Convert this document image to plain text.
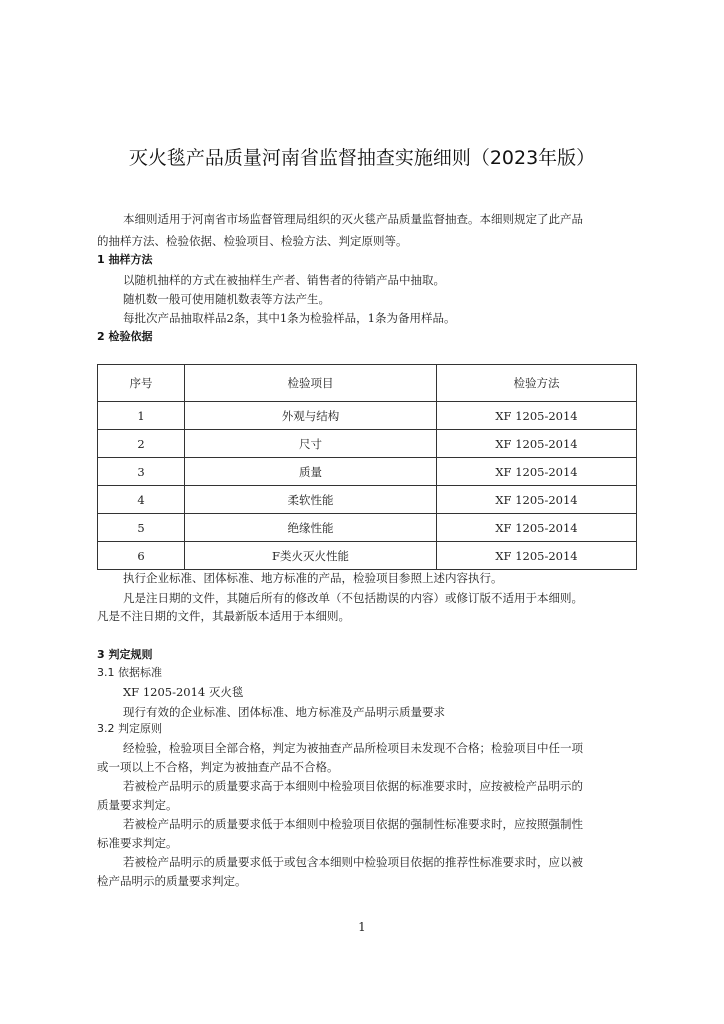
灭火毯产品质量河南省监督抽查实施细则（2023年版）
本细则适用于河南省市场监督管理局组织的灭火毯产品质量监督抽查。本细则规定了此产品
的抽样方法、检验依据、检验项目、检验方法、判定原则等。
1 抽样方法
以随机抽样的方式在被抽样生产者、销售者的待销产品中抽取。
随机数一般可使用随机数表等方法产生。
每批次产品抽取样品2条，其中1条为检验样品，1条为备用样品。
2 检验依据
序号	检验项目	检验方法
1	外观与结构	XF 1205-2014
2	尺寸	XF 1205-2014
3	质量	XF 1205-2014
4	柔软性能	XF 1205-2014
5	绝缘性能	XF 1205-2014
6	F类火灭火性能	XF 1205-2014
执行企业标准、团体标准、地方标准的产品，检验项目参照上述内容执行。
凡是注日期的文件，其随后所有的修改单（不包括勘误的内容）或修订版不适用于本细则。
凡是不注日期的文件，其最新版本适用于本细则。
3 判定规则
3.1 依据标准
XF 1205-2014 灭火毯
现行有效的企业标准、团体标准、地方标准及产品明示质量要求
3.2 判定原则
经检验，检验项目全部合格，判定为被抽查产品所检项目未发现不合格；检验项目中任一项
或一项以上不合格，判定为被抽查产品不合格。
若被检产品明示的质量要求高于本细则中检验项目依据的标准要求时，应按被检产品明示的
质量要求判定。
若被检产品明示的质量要求低于本细则中检验项目依据的强制性标准要求时，应按照强制性
标准要求判定。
若被检产品明示的质量要求低于或包含本细则中检验项目依据的推荐性标准要求时，应以被
检产品明示的质量要求判定。
1
